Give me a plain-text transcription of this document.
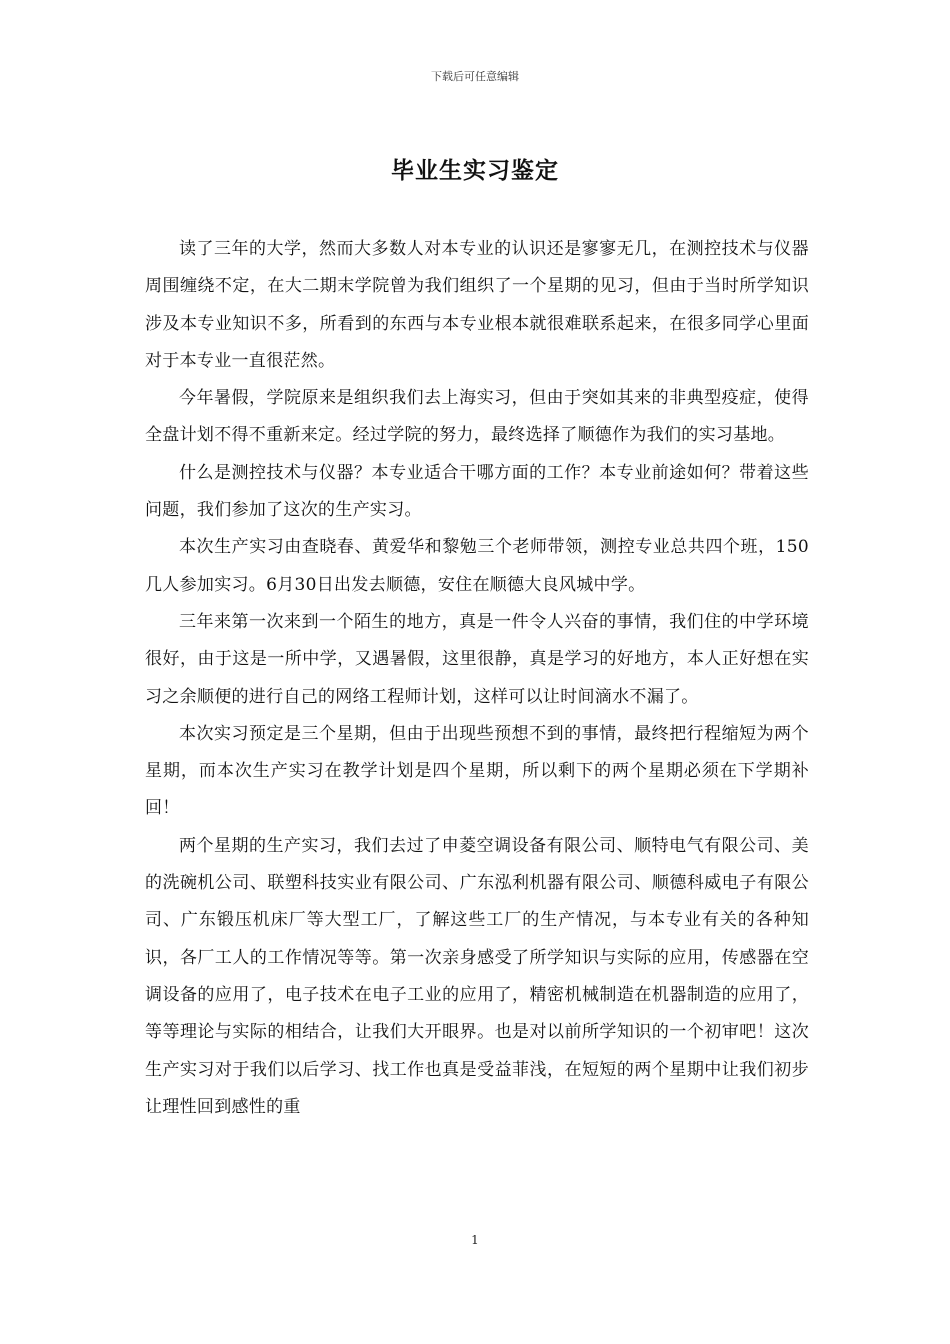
下载后可任意编辑
毕业生实习鉴定

读了三年的大学，然而大多数人对本专业的认识还是寥寥无几，在测控技术与仪器周围缠绕不定，在大二期末学院曾为我们组织了一个星期的见习，但由于当时所学知识涉及本专业知识不多，所看到的东西与本专业根本就很难联系起来，在很多同学心里面对于本专业一直很茫然。

今年暑假，学院原来是组织我们去上海实习，但由于突如其来的非典型疫症，使得全盘计划不得不重新来定。经过学院的努力，最终选择了顺德作为我们的实习基地。

什么是测控技术与仪器？本专业适合干哪方面的工作？本专业前途如何？带着这些问题，我们参加了这次的生产实习。

本次生产实习由查晓春、黄爱华和黎勉三个老师带领，测控专业总共四个班，150几人参加实习。6月30日出发去顺德，安住在顺德大良风城中学。

三年来第一次来到一个陌生的地方，真是一件令人兴奋的事情，我们住的中学环境很好，由于这是一所中学，又遇暑假，这里很静，真是学习的好地方，本人正好想在实习之余顺便的进行自己的网络工程师计划，这样可以让时间滴水不漏了。

本次实习预定是三个星期，但由于出现些预想不到的事情，最终把行程缩短为两个星期，而本次生产实习在教学计划是四个星期，所以剩下的两个星期必须在下学期补回！

两个星期的生产实习，我们去过了申菱空调设备有限公司、顺特电气有限公司、美的洗碗机公司、联塑科技实业有限公司、广东泓利机器有限公司、顺德科威电子有限公司、广东锻压机床厂等大型工厂，了解这些工厂的生产情况，与本专业有关的各种知识，各厂工人的工作情况等等。第一次亲身感受了所学知识与实际的应用，传感器在空调设备的应用了，电子技术在电子工业的应用了，精密机械制造在机器制造的应用了，等等理论与实际的相结合，让我们大开眼界。也是对以前所学知识的一个初审吧！这次生产实习对于我们以后学习、找工作也真是受益菲浅，在短短的两个星期中让我们初步让理性回到感性的重

1
